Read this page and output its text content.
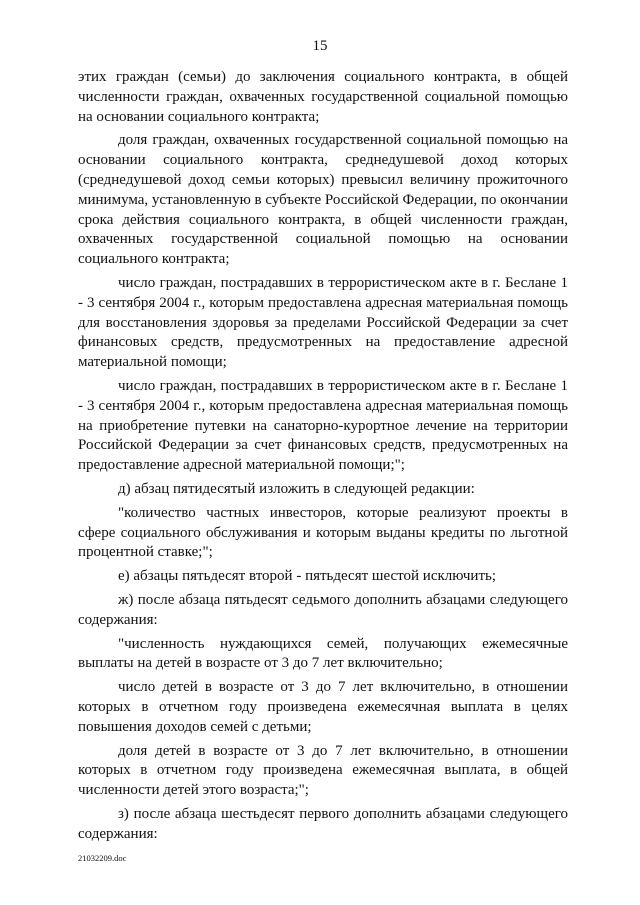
15

этих граждан (семьи) до заключения социального контракта, в общей численности граждан, охваченных государственной социальной помощью на основании социального контракта;

доля граждан, охваченных государственной социальной помощью на основании социального контракта, среднедушевой доход которых (среднедушевой доход семьи которых) превысил величину прожиточного минимума, установленную в субъекте Российской Федерации, по окончании срока действия социального контракта, в общей численности граждан, охваченных государственной социальной помощью на основании социального контракта;

число граждан, пострадавших в террористическом акте в г. Беслане 1 - 3 сентября 2004 г., которым предоставлена адресная материальная помощь для восстановления здоровья за пределами Российской Федерации за счет финансовых средств, предусмотренных на предоставление адресной материальной помощи;

число граждан, пострадавших в террористическом акте в г. Беслане 1 - 3 сентября 2004 г., которым предоставлена адресная материальная помощь на приобретение путевки на санаторно-курортное лечение на территории Российской Федерации за счет финансовых средств, предусмотренных на предоставление адресной материальной помощи;";

д) абзац пятидесятый изложить в следующей редакции:

"количество частных инвесторов, которые реализуют проекты в сфере социального обслуживания и которым выданы кредиты по льготной процентной ставке;";

е) абзацы пятьдесят второй - пятьдесят шестой исключить;

ж) после абзаца пятьдесят седьмого дополнить абзацами следующего содержания:

"численность нуждающихся семей, получающих ежемесячные выплаты на детей в возрасте от 3 до 7 лет включительно;

число детей в возрасте от 3 до 7 лет включительно, в отношении которых в отчетном году произведена ежемесячная выплата в целях повышения доходов семей с детьми;

доля детей в возрасте от 3 до 7 лет включительно, в отношении которых в отчетном году произведена ежемесячная выплата, в общей численности детей этого возраста;";

з) после абзаца шестьдесят первого дополнить абзацами следующего содержания:

21032209.doc
